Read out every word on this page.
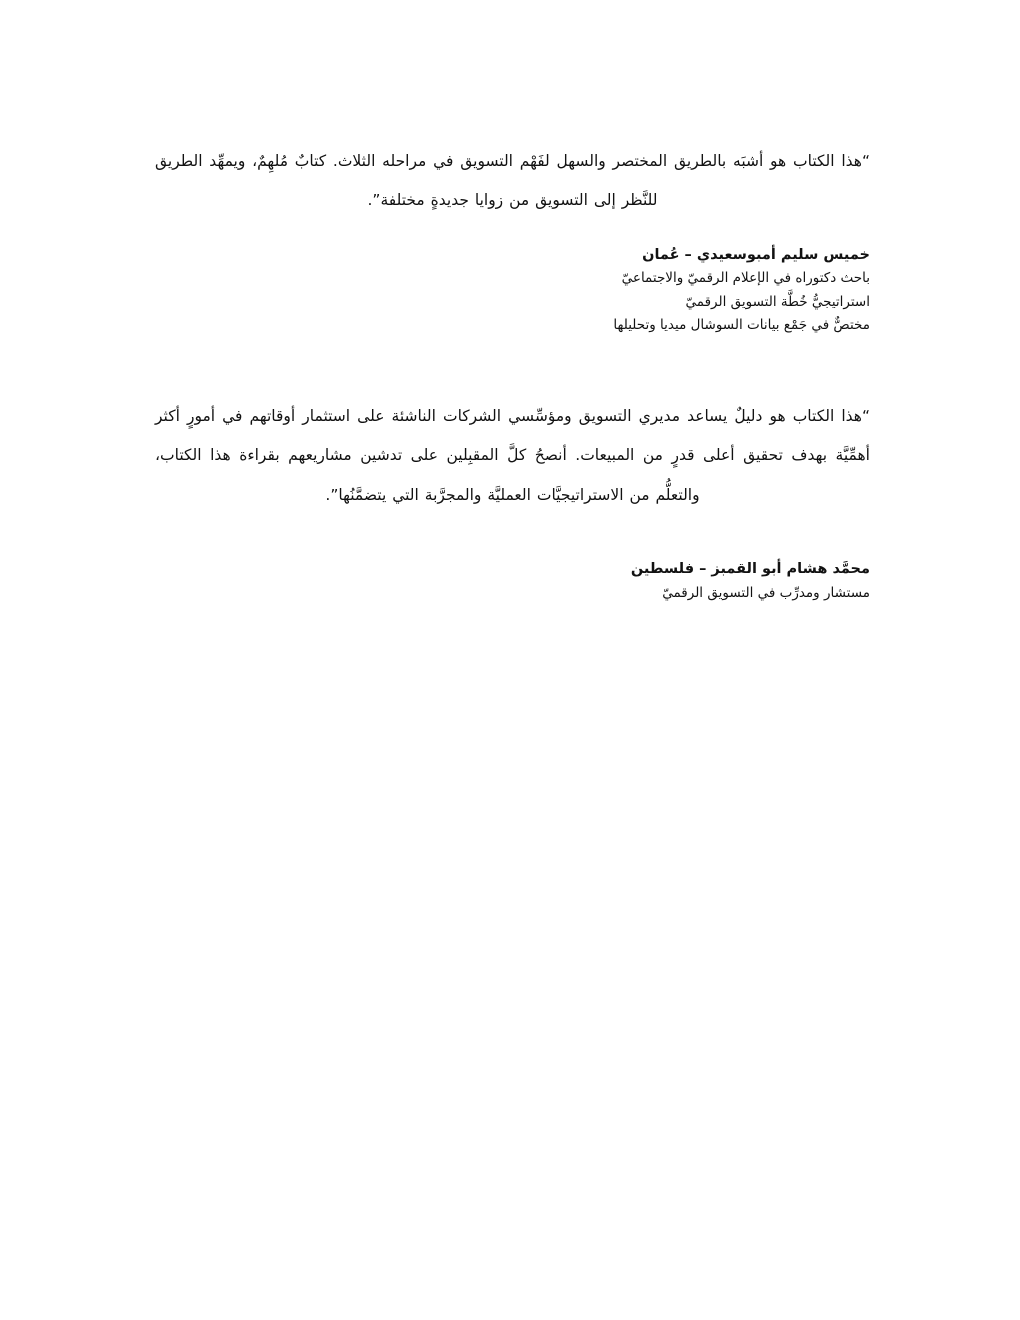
“هذا الكتاب هو أشبَه بالطريق المختصر والسهل لفَهْم التسويق في مراحله الثلاث. كتابٌ مُلهِمٌ، ويمهِّد الطريق للنَّظر إلى التسويق من زوايا جديدةٍ مختلفة”.

خميس سليم أمبوسعيدي – عُمان
باحث دكتوراه في الإعلام الرقميّ والاجتماعيّ
استراتيجيُّ خُطَّة التسويق الرقميّ
مختصٌّ في جَمْع بيانات السوشال ميديا وتحليلها

“هذا الكتاب هو دليلٌ يساعد مديري التسويق ومؤسِّسي الشركات الناشئة على استثمار أوقاتهم في أمورٍ أكثر أهمِّيَّة بهدف تحقيق أعلى قدرٍ من المبيعات. أنصحُ كلَّ المقبِلين على تدشين مشاريعهم بقراءة هذا الكتاب، والتعلُّم من الاستراتيجيَّات العمليَّة والمجرَّبة التي يتضمَّنُها”.

محمَّد هشام أبو القمبز – فلسطين
مستشار ومدرِّب في التسويق الرقميّ
